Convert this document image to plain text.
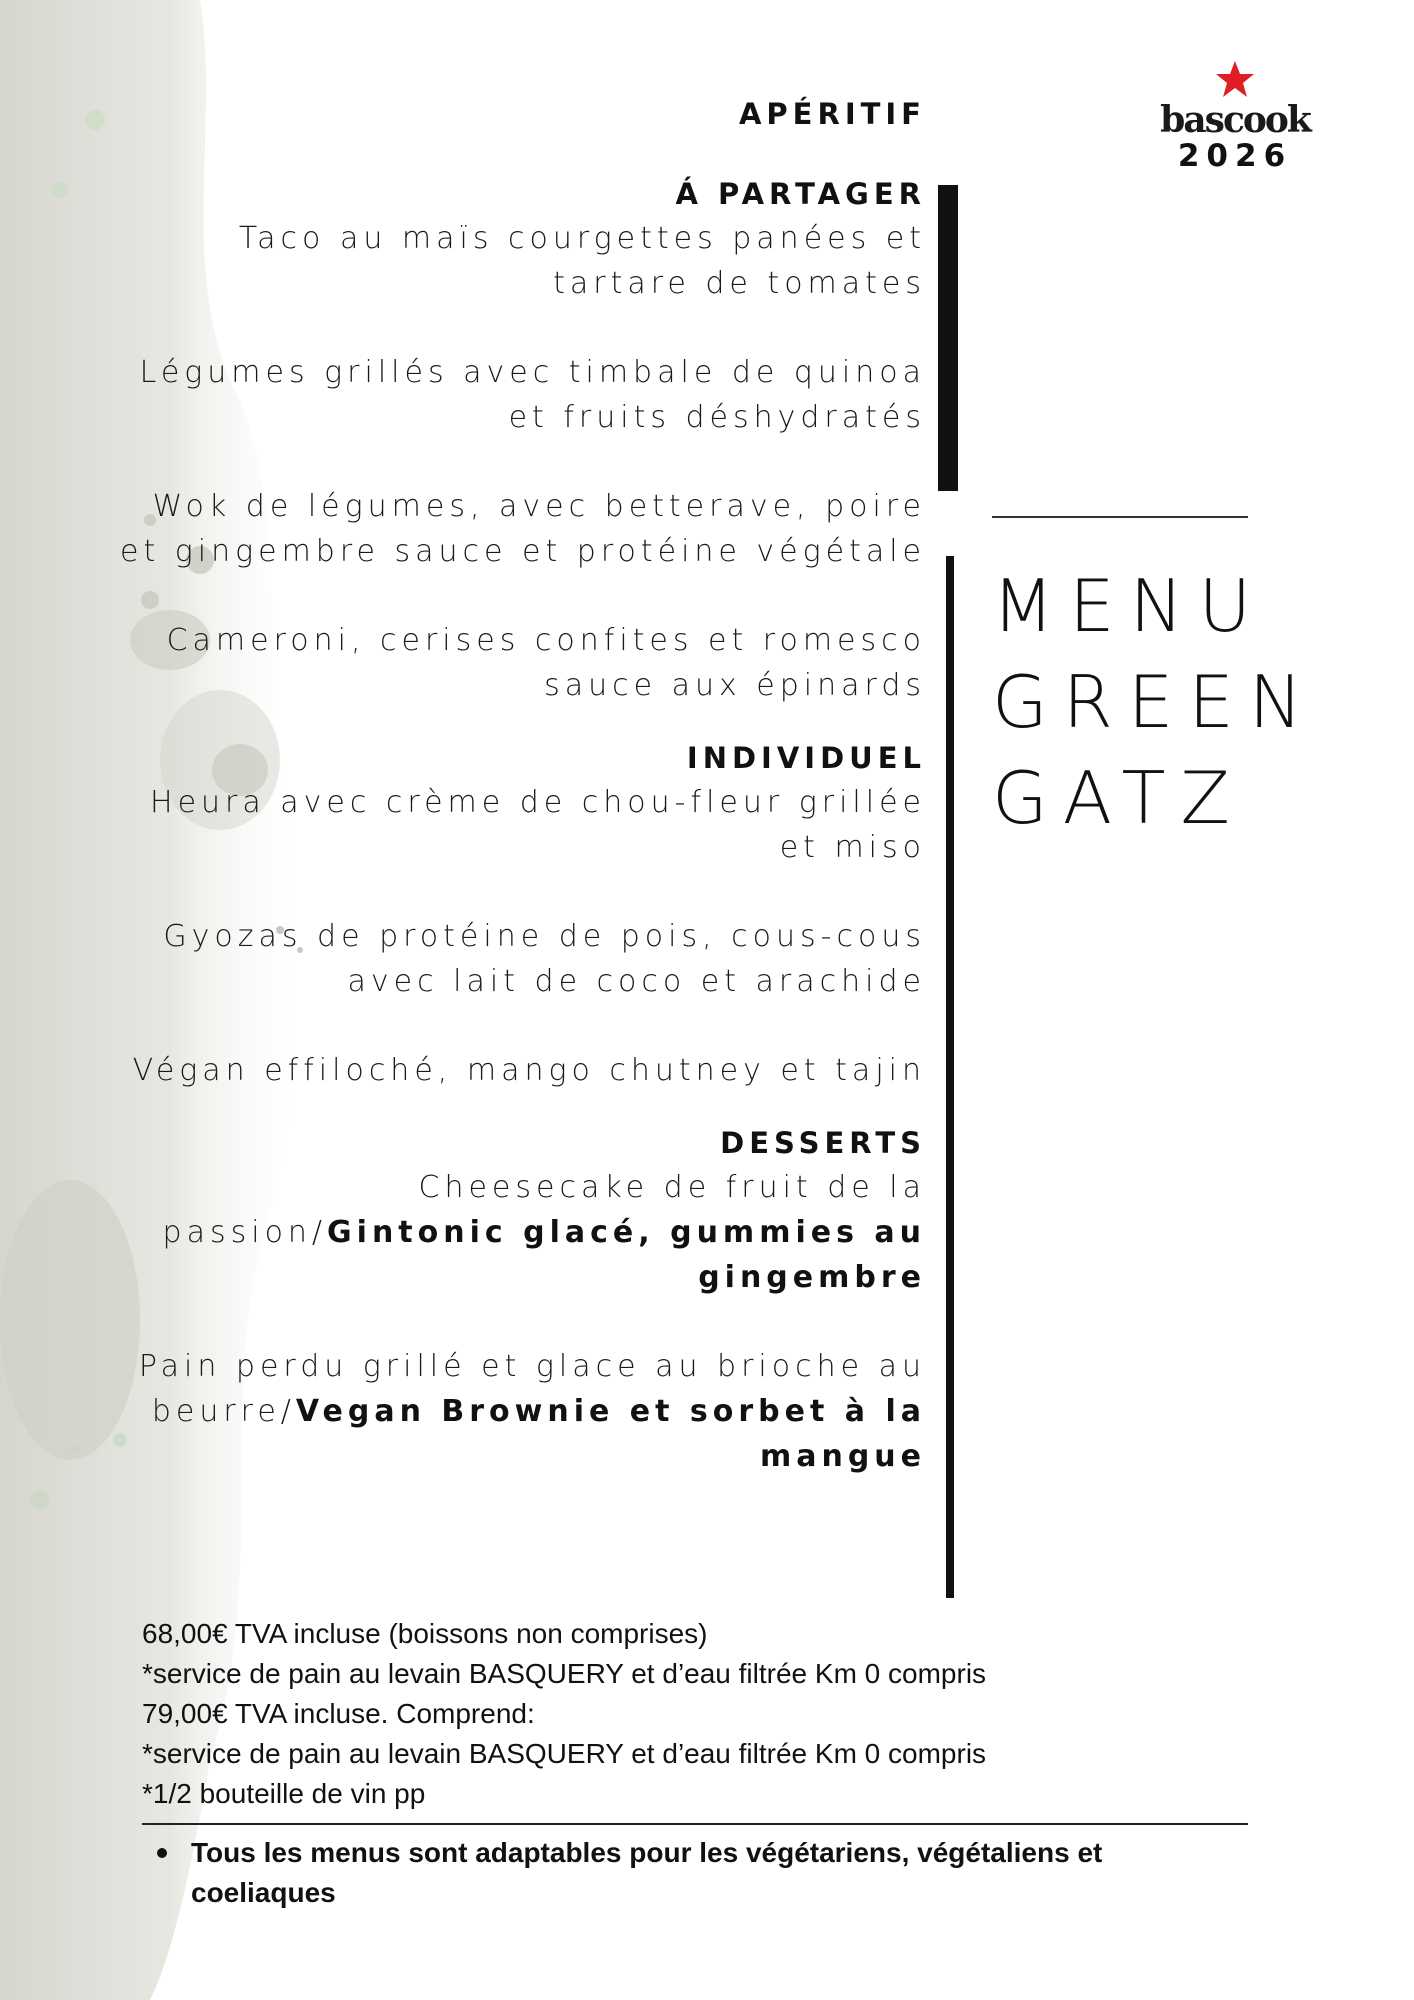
bascook
2026
MENU
GREEN
GATZ

APÉRITIF

Á PARTAGER

Taco au maïs courgettes panées et tartare de tomates

Légumes grillés avec timbale de quinoa et fruits déshydratés

Wok de légumes, avec betterave, poire et gingembre sauce et protéine végétale

Cameroni, cerises confites et romesco sauce aux épinards

INDIVIDUEL

Heura avec crème de chou-fleur grillée et miso

Gyozas de protéine de pois, cous-cous avec lait de coco et arachide

Végan effiloché, mango chutney et tajin

DESSERTS

Cheesecake de fruit de la passion/Gintonic glacé, gummies au gingembre

Pain perdu grillé et glace au brioche au beurre/Vegan Brownie et sorbet à la mangue

68,00€ TVA incluse (boissons non comprises)
*service de pain au levain BASQUERY et d’eau filtrée Km 0 compris
79,00€ TVA incluse. Comprend:
*service de pain au levain BASQUERY et d’eau filtrée Km 0 compris
*1/2 bouteille de vin pp
Tous les menus sont adaptables pour les végétariens, végétaliens et coeliaques
